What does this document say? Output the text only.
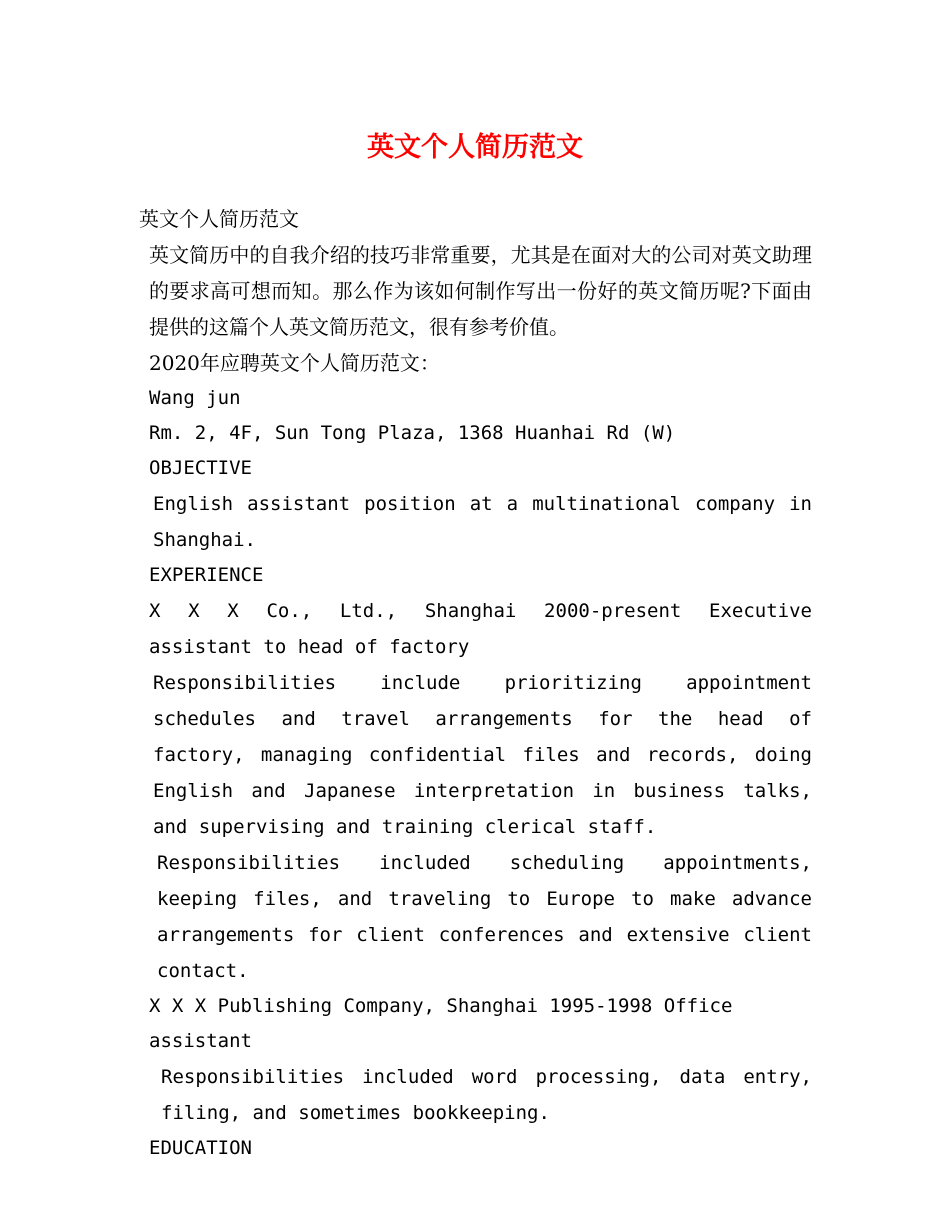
英文个人简历范文

英文个人简历范文

英文简历中的自我介绍的技巧非常重要，尤其是在面对大的公司对英文助理的要求高可想而知。那么作为该如何制作写出一份好的英文简历呢?下面由提供的这篇个人英文简历范文，很有参考价值。

2020年应聘英文个人简历范文：

Wang jun

Rm. 2, 4F, Sun Tong Plaza, 1368 Huanhai Rd (W)

OBJECTIVE

English assistant position at a multinational company in Shanghai.

EXPERIENCE

X X X Co., Ltd., Shanghai 2000-present Executive assistant to head of factory

Responsibilities include prioritizing appointment schedules and travel arrangements for the head of factory, managing confidential files and records, doing English and Japanese interpretation in business talks, and supervising and training clerical staff.

Responsibilities included scheduling appointments, keeping files, and traveling to Europe to make advance arrangements for client conferences and extensive client contact.

X X X Publishing Company, Shanghai 1995-1998 Office assistant

Responsibilities included word processing, data entry, filing, and sometimes bookkeeping.

EDUCATION
